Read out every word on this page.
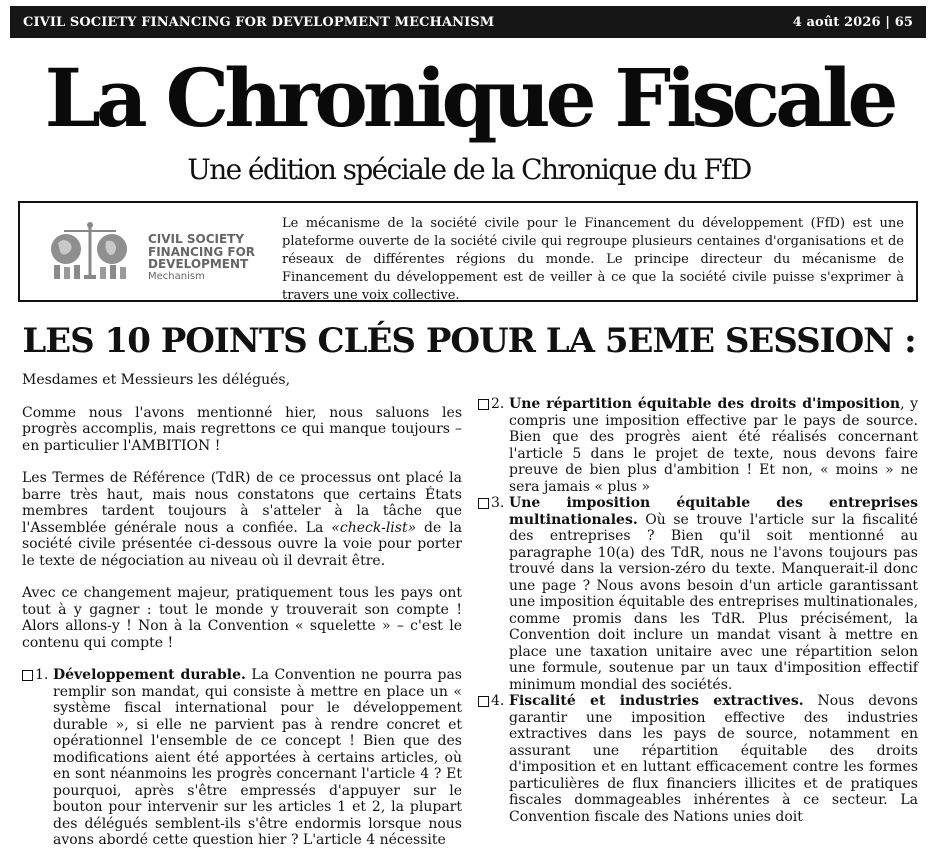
CIVIL SOCIETY FINANCING FOR DEVELOPMENT MECHANISM	4 août 2026 | 65
La Chronique Fiscale
Une édition spéciale de la Chronique du FfD
CIVIL SOCIETY
FINANCING FOR
DEVELOPMENT
Mechanism
Le mécanisme de la société civile pour le Financement du développement (FfD) est une plateforme ouverte de la société civile qui regroupe plusieurs centaines d'organisations et de réseaux de différentes régions du monde. Le principe directeur du mécanisme de Financement du développement est de veiller à ce que la société civile puisse s'exprimer à travers une voix collective.
LES 10 POINTS CLÉS POUR LA 5EME SESSION :

Mesdames et Messieurs les délégués,

Comme nous l'avons mentionné hier, nous saluons les progrès accomplis, mais regrettons ce qui manque toujours – en particulier l'AMBITION !

Les Termes de Référence (TdR) de ce processus ont placé la barre très haut, mais nous constatons que certains États membres tardent toujours à s'atteler à la tâche que l'Assemblée générale nous a confiée. La «check-list» de la société civile présentée ci-dessous ouvre la voie pour porter le texte de négociation au niveau où il devrait être.

Avec ce changement majeur, pratiquement tous les pays ont tout à y gagner : tout le monde y trouverait son compte ! Alors allons-y ! Non à la Convention « squelette » – c'est le contenu qui compte !

1. Développement durable. La Convention ne pourra pas remplir son mandat, qui consiste à mettre en place un « système fiscal international pour le développement durable », si elle ne parvient pas à rendre concret et opérationnel l'ensemble de ce concept ! Bien que des modifications aient été apportées à certains articles, où en sont néanmoins les progrès concernant l'article 4 ? Et pourquoi, après s'être empressés d'appuyer sur le bouton pour intervenir sur les articles 1 et 2, la plupart des délégués semblent-ils s'être endormis lorsque nous avons abordé cette question hier ? L'article 4 nécessite
2. Une répartition équitable des droits d'imposition, y compris une imposition effective par le pays de source. Bien que des progrès aient été réalisés concernant l'article 5 dans le projet de texte, nous devons faire preuve de bien plus d'ambition ! Et non, « moins » ne sera jamais « plus »
3. Une imposition équitable des entreprises multinationales. Où se trouve l'article sur la fiscalité des entreprises ? Bien qu'il soit mentionné au paragraphe 10(a) des TdR, nous ne l'avons toujours pas trouvé dans la version-zéro du texte. Manquerait-il donc une page ? Nous avons besoin d'un article garantissant une imposition équitable des entreprises multinationales, comme promis dans les TdR. Plus précisément, la Convention doit inclure un mandat visant à mettre en place une taxation unitaire avec une répartition selon une formule, soutenue par un taux d'imposition effectif minimum mondial des sociétés.
4. Fiscalité et industries extractives. Nous devons garantir une imposition effective des industries extractives dans les pays de source, notamment en assurant une répartition équitable des droits d'imposition et en luttant efficacement contre les formes particulières de flux financiers illicites et de pratiques fiscales dommageables inhérentes à ce secteur. La Convention fiscale des Nations unies doit
